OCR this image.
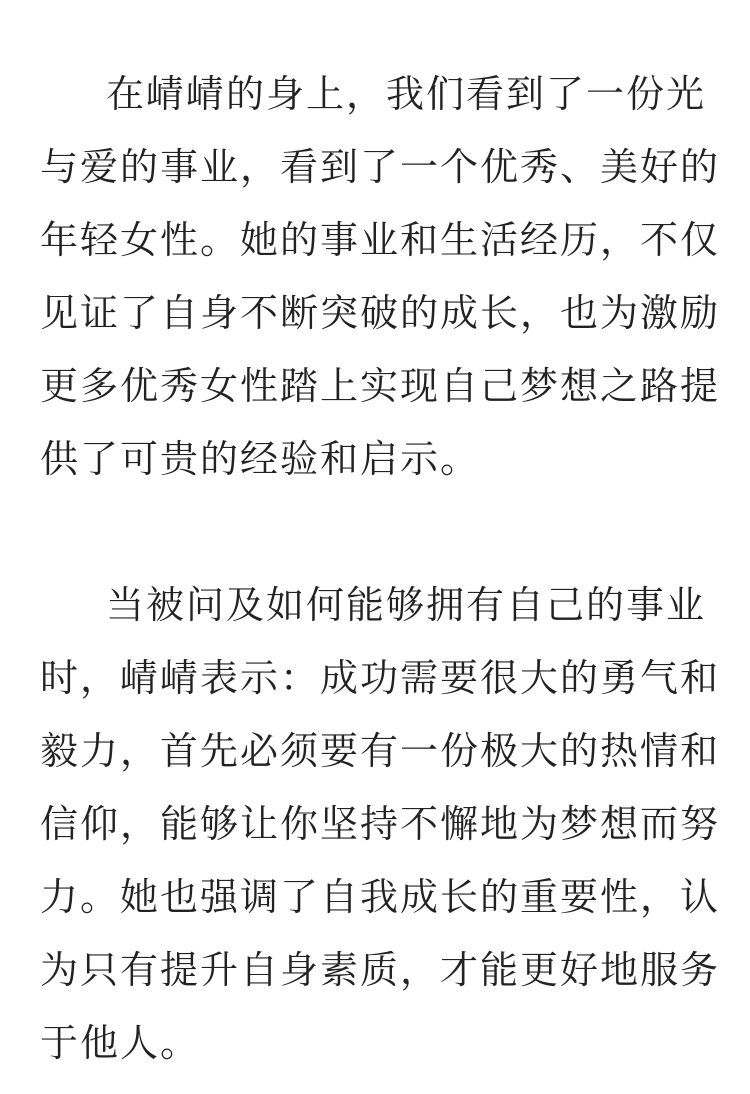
在崝崝的身上，我们看到了一份光
与爱的事业，看到了一个优秀、美好的
年轻女性。她的事业和生活经历，不仅
见证了自身不断突破的成长，也为激励
更多优秀女性踏上实现自己梦想之路提
供了可贵的经验和启示。
当被问及如何能够拥有自己的事业
时，崝崝表示：成功需要很大的勇气和
毅力，首先必须要有一份极大的热情和
信仰，能够让你坚持不懈地为梦想而努
力。她也强调了自我成长的重要性，认
为只有提升自身素质，才能更好地服务
于他人。
